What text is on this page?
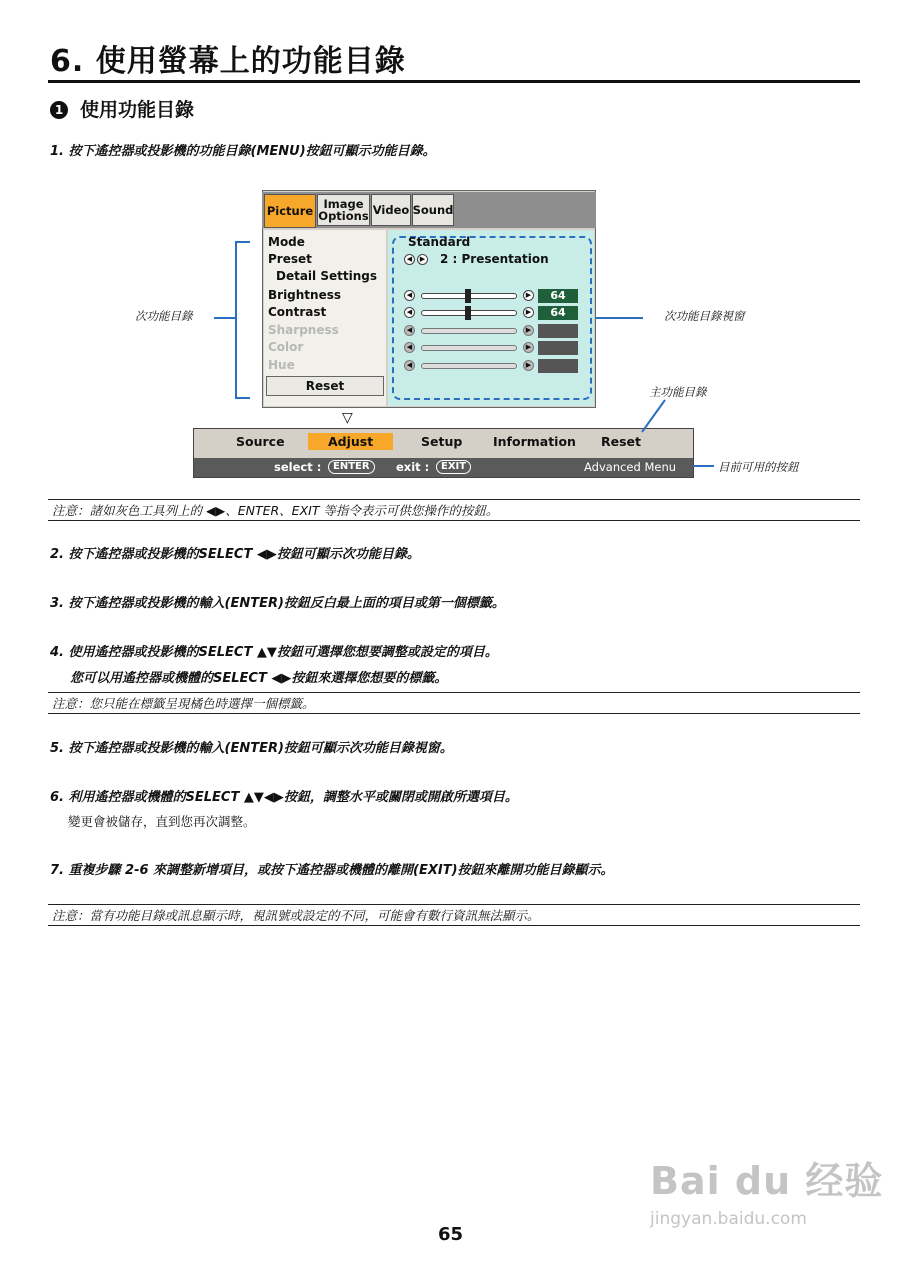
6. 使用螢幕上的功能目錄
1 使用功能目錄
1. 按下遙控器或投影機的功能目錄(MENU)按鈕可顯示功能目錄。
Picture Image Options Video Sound
Mode
Preset
Detail Settings
Brightness
Contrast
Sharpness
Color
Hue
Reset
Standard
◀	▶ 2 : Presentation
◀	▶	64
◀	▶	64
◀	▶
◀	▶
◀	▶
▽
Source	Adjust	Setup Information Reset
select :	ENTER	exit :	EXIT	Advanced Menu
次功能目錄	次功能目錄視窗
主功能目錄
目前可用的按鈕
注意：諸如灰色工具列上的 ◀▶、ENTER、EXIT 等指令表示可供您操作的按鈕。
2. 按下遙控器或投影機的SELECT ◀▶按鈕可顯示次功能目錄。
3. 按下遙控器或投影機的輸入(ENTER)按鈕反白最上面的項目或第一個標籤。
4. 使用遙控器或投影機的SELECT ▲▼按鈕可選擇您想要調整或設定的項目。
您可以用遙控器或機體的SELECT ◀▶按鈕來選擇您想要的標籤。
注意：您只能在標籤呈現橘色時選擇一個標籤。
5. 按下遙控器或投影機的輸入(ENTER)按鈕可顯示次功能目錄視窗。
6. 利用遙控器或機體的SELECT ▲▼◀▶按鈕，調整水平或關閉或開啟所選項目。
變更會被儲存，直到您再次調整。
7. 重複步驟 2-6 來調整新增項目，或按下遙控器或機體的離開(EXIT)按鈕來離開功能目錄顯示。
注意：當有功能目錄或訊息顯示時，視訊號或設定的不同，可能會有數行資訊無法顯示。
Bai du 经验
jingyan.baidu.com
65
